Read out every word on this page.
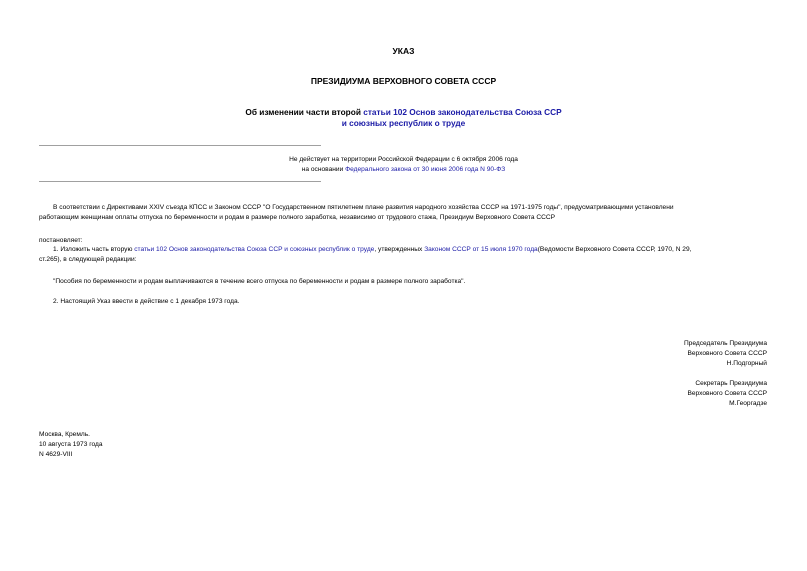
УКАЗ
ПРЕЗИДИУМА ВЕРХОВНОГО СОВЕТА СССР
Об изменении части второй статьи 102 Основ законодательства Союза ССР
и союзных республик о труде
Не действует на территории Российской Федерации с 6 октября 2006 года
на основании Федерального закона от 30 июня 2006 года N 90-ФЗ
В соответствии с Директивами XXIV съезда КПСС и Законом СССР "О Государственном пятилетнем плане развития народного хозяйства СССР на 1971-1975 годы", предусматривающими установлени
работающим женщинам оплаты отпуска по беременности и родам в размере полного заработка, независимо от трудового стажа, Президиум Верховного Совета СССР
постановляет:
1. Изложить часть вторую статьи 102 Основ законодательства Союза ССР и союзных республик о труде, утвержденных Законом СССР от 15 июля 1970 года(Ведомости Верховного Совета СССР, 1970, N 29,
ст.265), в следующей редакции:
"Пособия по беременности и родам выплачиваются в течение всего отпуска по беременности и родам в размере полного заработка".
2. Настоящий Указ ввести в действие с 1 декабря 1973 года.
Председатель Президиума
Верховного Совета СССР
Н.Подгорный
Секретарь Президиума
Верховного Совета СССР
М.Георгадзе
Москва, Кремль.
10 августа 1973 года
N 4629-VIII
